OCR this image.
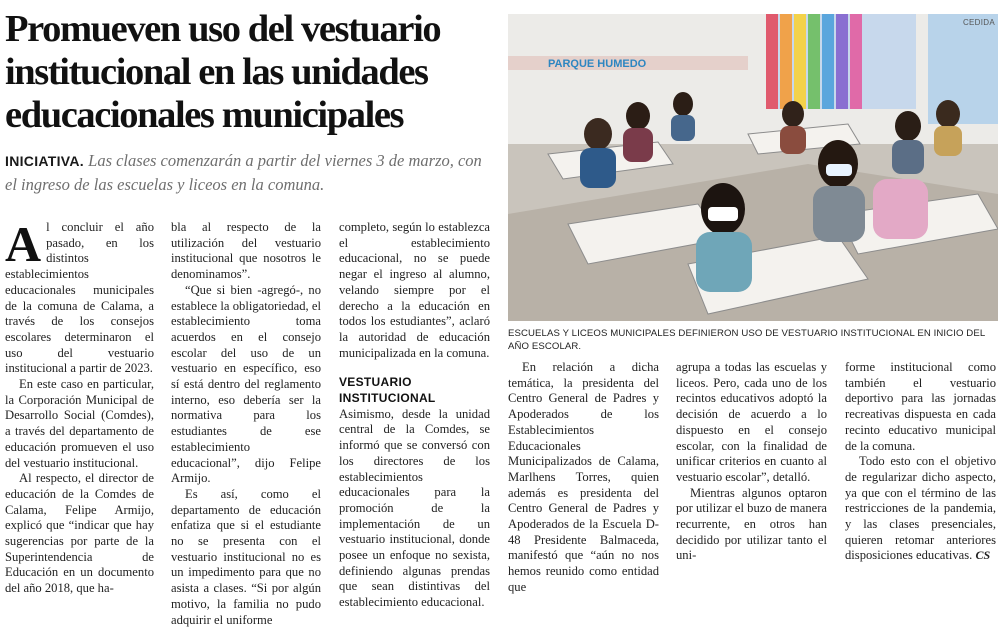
Promueven uso del vestuario institucional en las unidades educacionales municipales
INICIATIVA. Las clases comenzarán a partir del viernes 3 de marzo, con el ingreso de las escuelas y liceos en la comuna.
PARQUE HUMEDO
CEDIDA
ESCUELAS Y LICEOS MUNICIPALES DEFINIERON USO DE VESTUARIO INSTITUCIONAL EN INICIO DEL AÑO ESCOLAR.

Al concluir el año pasado, en los distintos establecimientos educacionales municipales de la comuna de Calama, a través de los consejos escolares determinaron el uso del vestuario institucional a partir de 2023.

En este caso en particular, la Corporación Municipal de Desarrollo Social (Comdes), a través del departamento de educación promueven el uso del vestuario institucional.

Al respecto, el director de educación de la Comdes de Calama, Felipe Armijo, explicó que “indicar que hay sugerencias por parte de la Superintendencia de Educación en un documento del año 2018, que ha-

bla al respecto de la utilización del vestuario institucional que nosotros le denominamos”.

“Que si bien -agregó-, no establece la obligatoriedad, el establecimiento toma acuerdos en el consejo escolar del uso de un vestuario en específico, eso sí está dentro del reglamento interno, eso debería ser la normativa para los estudiantes de ese establecimiento educacional”, dijo Felipe Armijo.

Es así, como el departamento de educación enfatiza que si el estudiante no se presenta con el vestuario institucional no es un impedimento para que no asista a clases. “Si por algún motivo, la familia no pudo adquirir el uniforme

completo, según lo establezca el establecimiento educacional, no se puede negar el ingreso al alumno, velando siempre por el derecho a la educación en todos los estudiantes”, aclaró la autoridad de educación municipalizada en la comuna.

VESTUARIO INSTITUCIONAL

Asimismo, desde la unidad central de la Comdes, se informó que se conversó con los directores de los establecimientos educacionales para la promoción de la implementación de un vestuario institucional, donde posee un enfoque no sexista, definiendo algunas prendas que sean distintivas del establecimiento educacional.

En relación a dicha temática, la presidenta del Centro General de Padres y Apoderados de los Establecimientos Educacionales Municipalizados de Calama, Marlhens Torres, quien además es presidenta del Centro General de Padres y Apoderados de la Escuela D-48 Presidente Balmaceda, manifestó que “aún no nos hemos reunido como entidad que

agrupa a todas las escuelas y liceos. Pero, cada uno de los recintos educativos adoptó la decisión de acuerdo a lo dispuesto en el consejo escolar, con la finalidad de unificar criterios en cuanto al vestuario escolar”, detalló.

Mientras algunos optaron por utilizar el buzo de manera recurrente, en otros han decidido por utilizar tanto el uni-

forme institucional como también el vestuario deportivo para las jornadas recreativas dispuesta en cada recinto educativo municipal de la comuna.

Todo esto con el objetivo de regularizar dicho aspecto, ya que con el término de las restricciones de la pandemia, y las clases presenciales, quieren retomar anteriores disposiciones educativas. CS
